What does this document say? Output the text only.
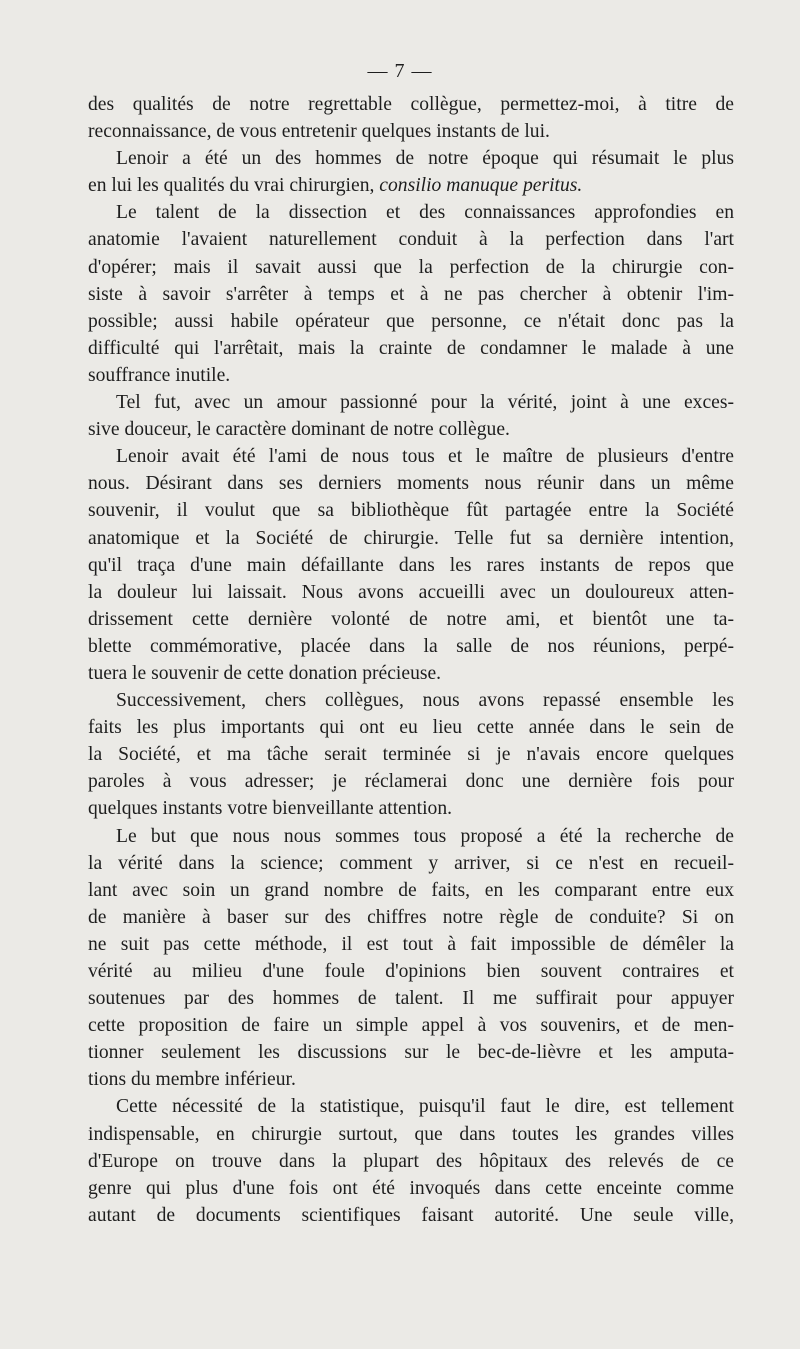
— 7 —
des qualités de notre regrettable collègue, permettez-moi, à titre de
reconnaissance, de vous entretenir quelques instants de lui.
Lenoir a été un des hommes de notre époque qui résumait le plus
en lui les qualités du vrai chirurgien, consilio manuque peritus.
Le talent de la dissection et des connaissances approfondies en
anatomie l'avaient naturellement conduit à la perfection dans l'art
d'opérer; mais il savait aussi que la perfection de la chirurgie con-
siste à savoir s'arrêter à temps et à ne pas chercher à obtenir l'im-
possible; aussi habile opérateur que personne, ce n'était donc pas la
difficulté qui l'arrêtait, mais la crainte de condamner le malade à une
souffrance inutile.
Tel fut, avec un amour passionné pour la vérité, joint à une exces-
sive douceur, le caractère dominant de notre collègue.
Lenoir avait été l'ami de nous tous et le maître de plusieurs d'entre
nous. Désirant dans ses derniers moments nous réunir dans un même
souvenir, il voulut que sa bibliothèque fût partagée entre la Société
anatomique et la Société de chirurgie. Telle fut sa dernière intention,
qu'il traça d'une main défaillante dans les rares instants de repos que
la douleur lui laissait. Nous avons accueilli avec un douloureux atten-
drissement cette dernière volonté de notre ami, et bientôt une ta-
blette commémorative, placée dans la salle de nos réunions, perpé-
tuera le souvenir de cette donation précieuse.
Successivement, chers collègues, nous avons repassé ensemble les
faits les plus importants qui ont eu lieu cette année dans le sein de
la Société, et ma tâche serait terminée si je n'avais encore quelques
paroles à vous adresser; je réclamerai donc une dernière fois pour
quelques instants votre bienveillante attention.
Le but que nous nous sommes tous proposé a été la recherche de
la vérité dans la science; comment y arriver, si ce n'est en recueil-
lant avec soin un grand nombre de faits, en les comparant entre eux
de manière à baser sur des chiffres notre règle de conduite? Si on
ne suit pas cette méthode, il est tout à fait impossible de démêler la
vérité au milieu d'une foule d'opinions bien souvent contraires et
soutenues par des hommes de talent. Il me suffirait pour appuyer
cette proposition de faire un simple appel à vos souvenirs, et de men-
tionner seulement les discussions sur le bec-de-lièvre et les amputa-
tions du membre inférieur.
Cette nécessité de la statistique, puisqu'il faut le dire, est tellement
indispensable, en chirurgie surtout, que dans toutes les grandes villes
d'Europe on trouve dans la plupart des hôpitaux des relevés de ce
genre qui plus d'une fois ont été invoqués dans cette enceinte comme
autant de documents scientifiques faisant autorité. Une seule ville,
